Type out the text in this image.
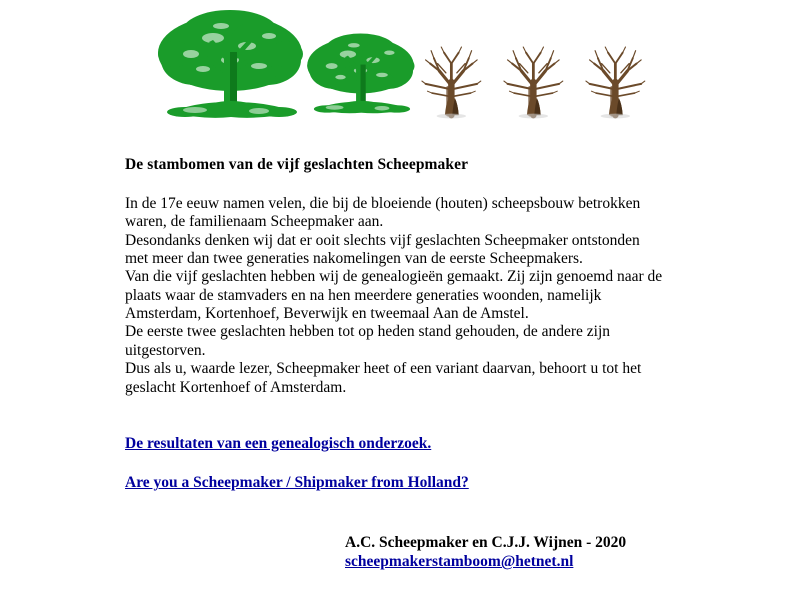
De stambomen van de vijf geslachten Scheepmaker

In de 17e eeuw namen velen, die bij de bloeiende (houten) scheepsbouw betrokken waren, de familienaam Scheepmaker aan.

Desondanks denken wij dat er ooit slechts vijf geslachten Scheepmaker ontstonden met meer dan twee generaties nakomelingen van de eerste Scheepmakers.

Van die vijf geslachten hebben wij de genealogieën gemaakt. Zij zijn genoemd naar de plaats waar de stamvaders en na hen meerdere generaties woonden, namelijk Amsterdam, Kortenhoef, Beverwijk en tweemaal Aan de Amstel.

De eerste twee geslachten hebben tot op heden stand gehouden, de andere zijn uitgestorven.

Dus als u, waarde lezer, Scheepmaker heet of een variant daarvan, behoort u tot het geslacht Kortenhoef of Amsterdam.

De resultaten van een genealogisch onderzoek.
Are you a Scheepmaker / Shipmaker from Holland?
A.C. Scheepmaker en C.J.J. Wijnen - 2020
scheepmakerstamboom@hetnet.nl
